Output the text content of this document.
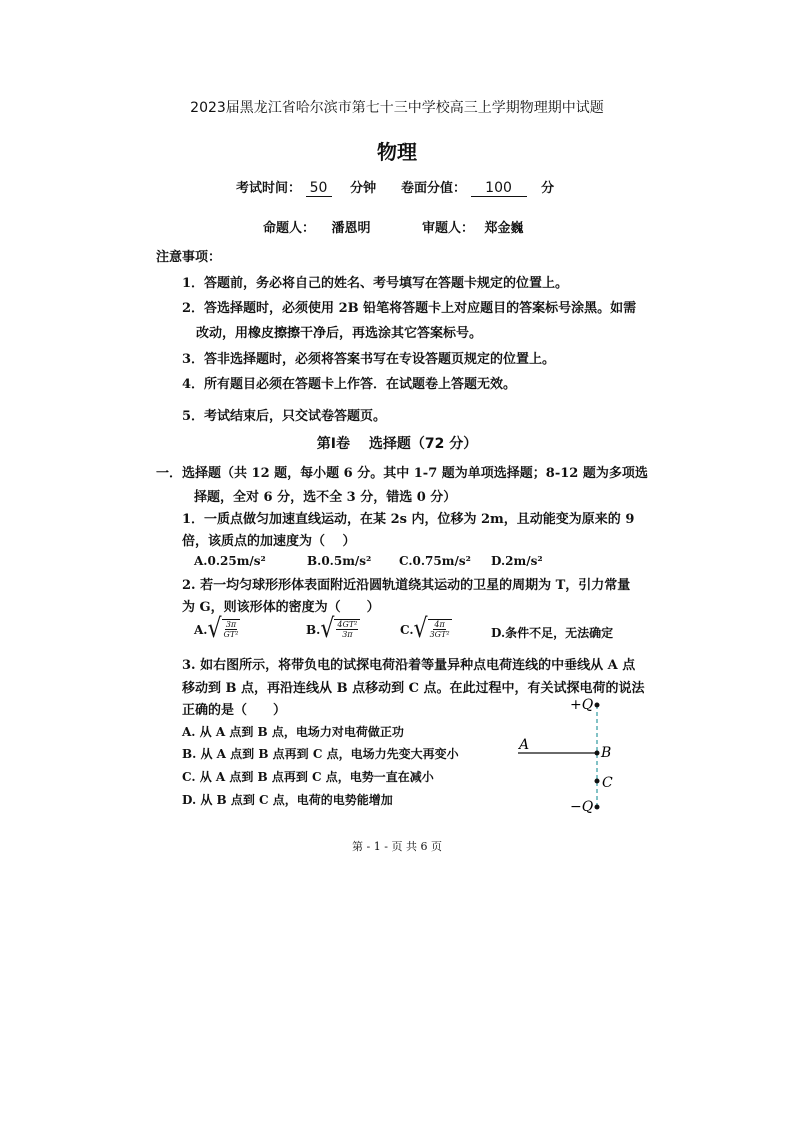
2023届黑龙江省哈尔滨市第七十三中学校高三上学期物理期中试题
物理
考试时间： 50 分钟 卷面分值： 100 分
命题人： 潘恩明	审题人： 郑金巍
注意事项：
1．答题前，务必将自己的姓名、考号填写在答题卡规定的位置上。
2．答选择题时，必须使用 2B 铅笔将答题卡上对应题目的答案标号涂黑。如需
改动，用橡皮擦擦干净后，再选涂其它答案标号。
3．答非选择题时，必须将答案书写在专设答题页规定的位置上。
4．所有题目必须在答题卡上作答．在试题卷上答题无效。
5．考试结束后，只交试卷答题页。
第Ⅰ卷　 选择题（72 分）
一．选择题（共 12 题，每小题 6 分。其中 1-7 题为单项选择题；8-12 题为多项选
择题，全对 6 分，选不全 3 分，错选 0 分）
1．一质点做匀加速直线运动，在某 2s 内，位移为 2m，且动能变为原来的 9
倍，该质点的加速度为（　 ）
A.0.25m/s²	B.0.5m/s² C.0.75m/s² D.2m/s²
2. 若一均匀球形形体表面附近沿圆轨道绕其运动的卫星的周期为 T，引力常量
为 G，则该形体的密度为（　　）
A. √ $\frac{3\pi}{\text{GT²}}$	B. √ $\frac{\text{4GT²}}{3\pi}$	C. √ $\frac{4\pi}{\text{3GT²}}$	D.条件不足，无法确定
3. 如右图所示，将带负电的试探电荷沿着等量异种点电荷连线的中垂线从 A 点
移动到 B 点，再沿连线从 B 点移动到 C 点。在此过程中，有关试探电荷的说法
正确的是（　　）
A. 从 A 点到 B 点，电场力对电荷做正功
B. 从 A 点到 B 点再到 C 点，电场力先变大再变小
C. 从 A 点到 B 点再到 C 点，电势一直在减小
D. 从 B 点到 C 点，电荷的电势能增加
+Q
−Q
A	B
C
第 - 1 - 页 共 6 页
